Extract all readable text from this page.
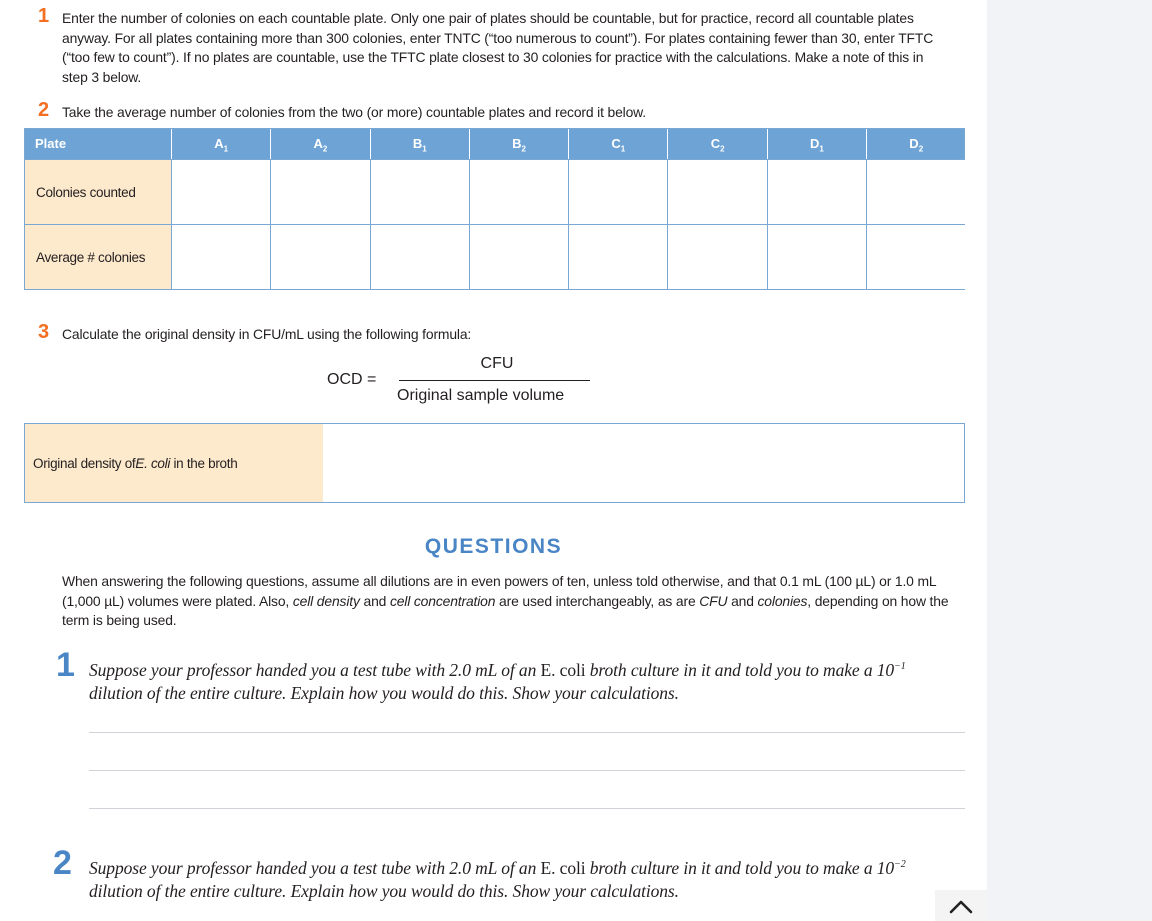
1 Enter the number of colonies on each countable plate. Only one pair of plates should be countable, but for practice, record all countable plates anyway. For all plates containing more than 300 colonies, enter TNTC (“too numerous to count”). For plates containing fewer than 30, enter TFTC (“too few to count”). If no plates are countable, use the TFTC plate closest to 30 colonies for practice with the calculations. Make a note of this in step 3 below.
2 Take the average number of colonies from the two (or more) countable plates and record it below.
Plate	$A_1$	$A_2$	$B_1$	$B_2$	$C_1$	$C_2$	$D_1$	$D_2$
Colonies counted
Average # colonies
3 Calculate the original density in CFU/mL using the following formula:
OCD =
CFU
Original sample volume
Original density of E. coli in the broth
QUESTIONS
When answering the following questions, assume all dilutions are in even powers of ten, unless told otherwise, and that 0.1 mL (100 µL) or 1.0 mL (1,000 µL) volumes were plated. Also, cell density and cell concentration are used interchangeably, as are CFU and colonies, depending on how the term is being used.
1 Suppose your professor handed you a test tube with 2.0 mL of an E. coli broth culture in it and told you to make a $10^{-1}$ dilution of the entire culture. Explain how you would do this. Show your calculations.
2 Suppose your professor handed you a test tube with 2.0 mL of an E. coli broth culture in it and told you to make a $10^{-2}$ dilution of the entire culture. Explain how you would do this. Show your calculations.
